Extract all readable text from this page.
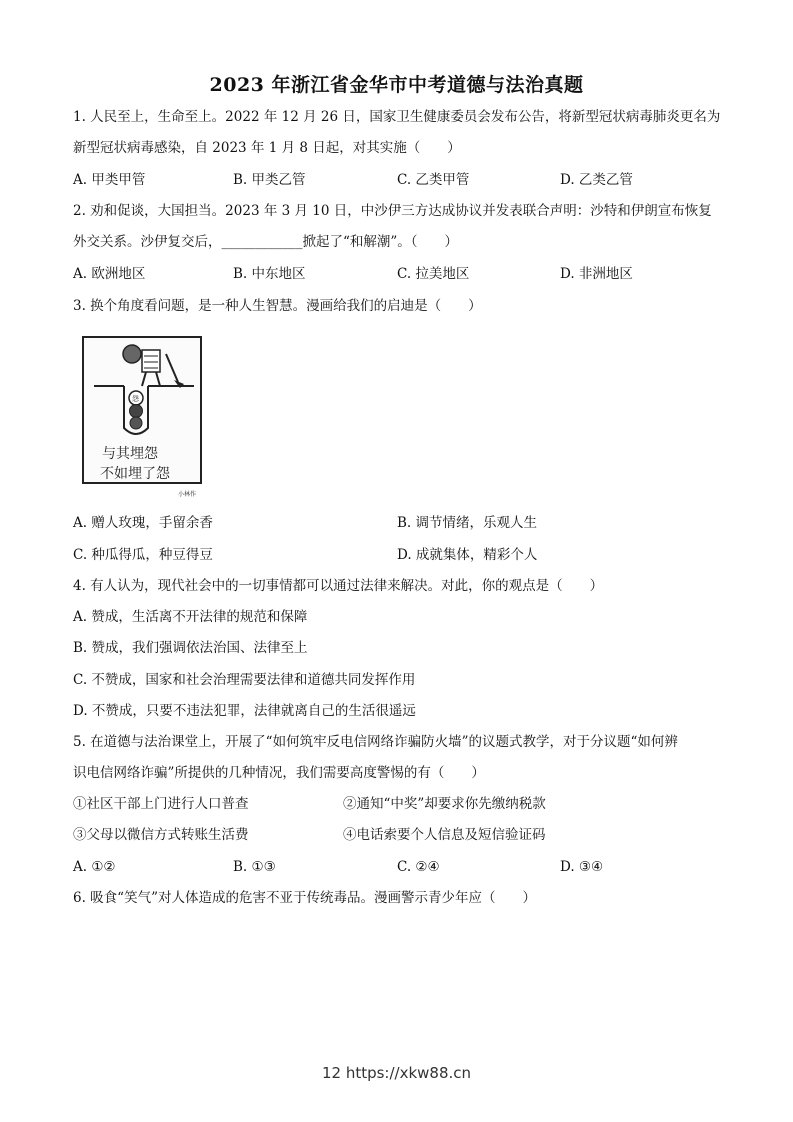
2023 年浙江省金华市中考道德与法治真题
1. 人民至上，生命至上。2022 年 12 月 26 日，国家卫生健康委员会发布公告，将新型冠状病毒肺炎更名为
新型冠状病毒感染，自 2023 年 1 月 8 日起，对其实施（　　）
A. 甲类甲管	B. 甲类乙管	C. 乙类甲管	D. 乙类乙管
2. 劝和促谈，大国担当。2023 年 3 月 10 日，中沙伊三方达成协议并发表联合声明：沙特和伊朗宣布恢复
外交关系。沙伊复交后，____________掀起了“和解潮”。（　　）
A. 欧洲地区	B. 中东地区	C. 拉美地区	D. 非洲地区
3. 换个角度看问题，是一种人生智慧。漫画给我们的启迪是（　　）
怨
与其埋怨
不如埋了怨
小林作
A. 赠人玫瑰，手留余香	B. 调节情绪，乐观人生
C. 种瓜得瓜，种豆得豆	D. 成就集体，精彩个人
4. 有人认为，现代社会中的一切事情都可以通过法律来解决。对此，你的观点是（　　）
A. 赞成，生活离不开法律的规范和保障
B. 赞成，我们强调依法治国、法律至上
C. 不赞成，国家和社会治理需要法律和道德共同发挥作用
D. 不赞成，只要不违法犯罪，法律就离自己的生活很遥远
5. 在道德与法治课堂上，开展了“如何筑牢反电信网络诈骗防火墙”的议题式教学，对于分议题“如何辨
识电信网络诈骗”所提供的几种情况，我们需要高度警惕的有（　　）
①社区干部上门进行人口普查	②通知“中奖”却要求你先缴纳税款
③父母以微信方式转账生活费	④电话索要个人信息及短信验证码
A. ①②	B. ①③	C. ②④	D. ③④
6. 吸食“笑气”对人体造成的危害不亚于传统毒品。漫画警示青少年应（　　）
12 https://xkw88.cn
